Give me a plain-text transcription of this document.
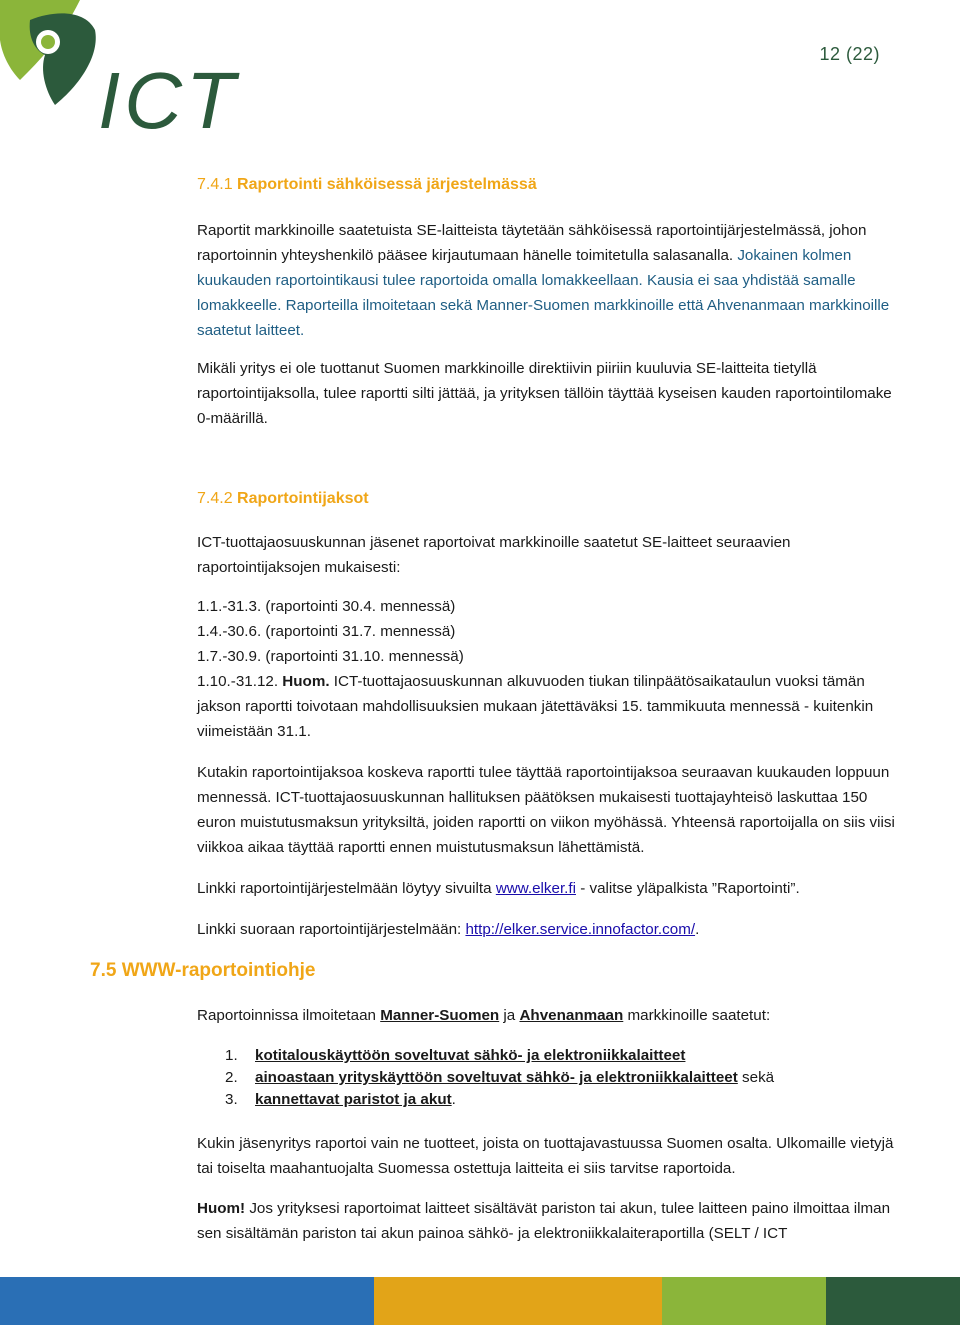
ICT
12 (22)
7.4.1 Raportointi sähköisessä järjestelmässä

Raportit markkinoille saatetuista SE-laitteista täytetään sähköisessä raportointijärjestelmässä, johon raportoinnin yhteyshenkilö pääsee kirjautumaan hänelle toimitetulla salasanalla. Jokainen kolmen kuukauden raportointikausi tulee raportoida omalla lomakkeellaan. Kausia ei saa yhdistää samalle lomakkeelle. Raporteilla ilmoitetaan sekä Manner-Suomen markkinoille että Ahvenanmaan markkinoille saatetut laitteet.

Mikäli yritys ei ole tuottanut Suomen markkinoille direktiivin piiriin kuuluvia SE-laitteita tietyllä raportointijaksolla, tulee raportti silti jättää, ja yrityksen tällöin täyttää kyseisen kauden raportointilomake 0-määrillä.

7.4.2 Raportointijaksot

ICT-tuottajaosuuskunnan jäsenet raportoivat markkinoille saatetut SE-laitteet seuraavien raportointijaksojen mukaisesti:

1.1.-31.3. (raportointi 30.4. mennessä)

1.4.-30.6. (raportointi 31.7. mennessä)

1.7.-30.9. (raportointi 31.10. mennessä)

1.10.-31.12. Huom. ICT-tuottajaosuuskunnan alkuvuoden tiukan tilinpäätösaikataulun vuoksi tämän jakson raportti toivotaan mahdollisuuksien mukaan jätettäväksi 15. tammikuuta mennessä - kuitenkin viimeistään 31.1.

Kutakin raportointijaksoa koskeva raportti tulee täyttää raportointijaksoa seuraavan kuukauden loppuun mennessä. ICT-tuottajaosuuskunnan hallituksen päätöksen mukaisesti tuottajayhteisö laskuttaa 150 euron muistutusmaksun yrityksiltä, joiden raportti on viikon myöhässä. Yhteensä raportoijalla on siis viisi viikkoa aikaa täyttää raportti ennen muistutusmaksun lähettämistä.

Linkki raportointijärjestelmään löytyy sivuilta www.elker.fi - valitse yläpalkista ”Raportointi”.

Linkki suoraan raportointijärjestelmään: http://elker.service.innofactor.com/.

7.5 WWW-raportointiohje

Raportoinnissa ilmoitetaan Manner-Suomen ja Ahvenanmaan markkinoille saatetut:

1. kotitalouskäyttöön soveltuvat sähkö- ja elektroniikkalaitteet
2. ainoastaan yrityskäyttöön soveltuvat sähkö- ja elektroniikkalaitteet sekä
3. kannettavat paristot ja akut.

Kukin jäsenyritys raportoi vain ne tuotteet, joista on tuottajavastuussa Suomen osalta. Ulkomaille vietyjä tai toiselta maahantuojalta Suomessa ostettuja laitteita ei siis tarvitse raportoida.

Huom! Jos yrityksesi raportoimat laitteet sisältävät pariston tai akun, tulee laitteen paino ilmoittaa ilman sen sisältämän pariston tai akun painoa sähkö- ja elektroniikkalaiteraportilla (SELT / ICT
